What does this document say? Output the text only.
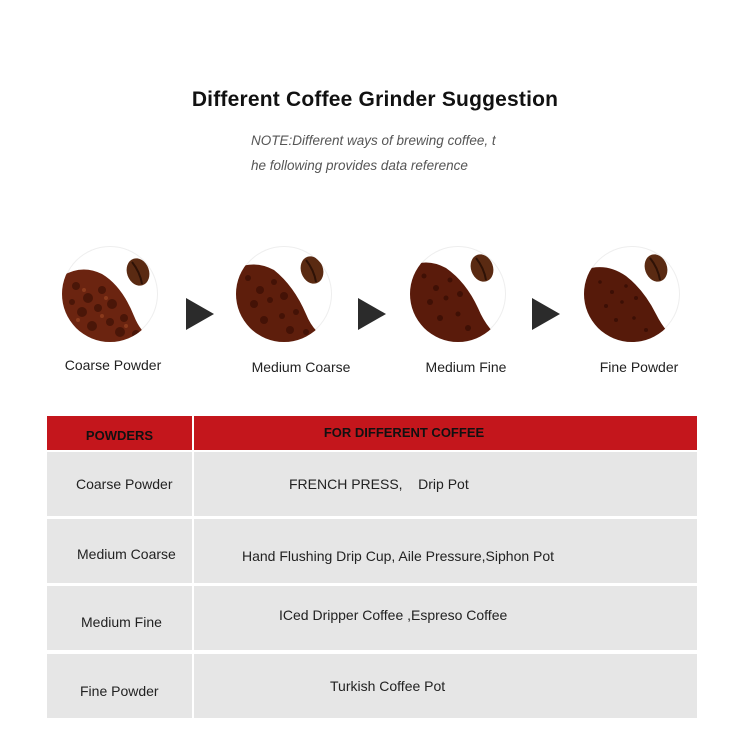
Different Coffee Grinder Suggestion
NOTE:Different ways of brewing coffee, t
he following provides data reference
Coarse Powder	Medium Coarse	Medium Fine	Fine Powder
POWDERS	FOR DIFFERENT COFFEE
Coarse Powder	FRENCH PRESS,    Drip Pot
Medium Coarse	Hand Flushing Drip Cup, Aile Pressure,Siphon Pot
Medium Fine	ICed Dripper Coffee ,Espreso Coffee
Fine Powder	Turkish Coffee Pot
